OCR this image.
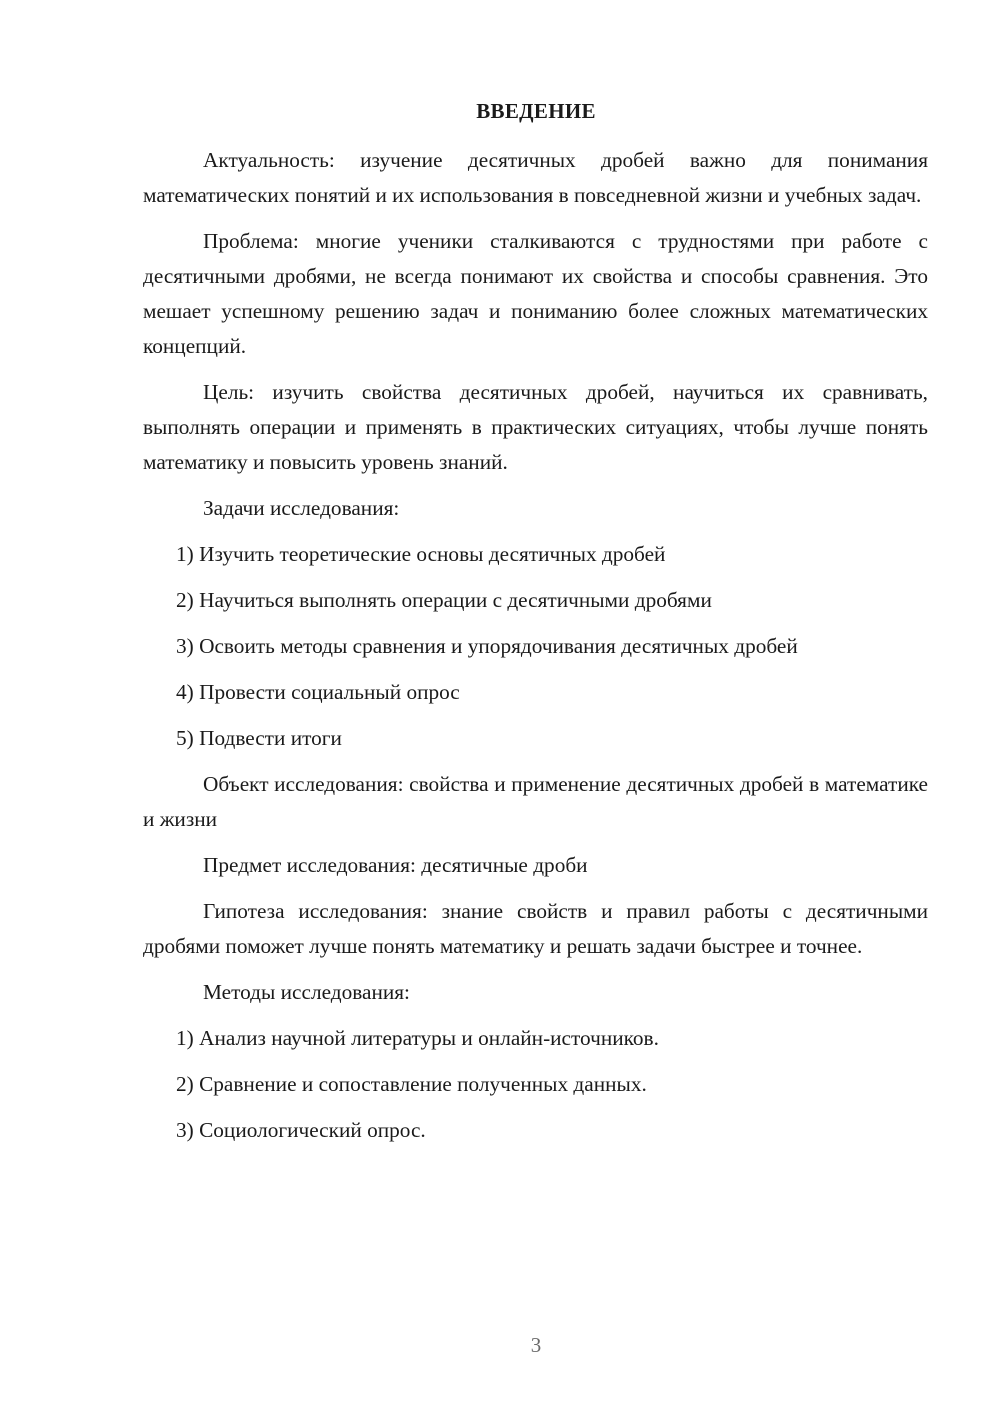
ВВЕДЕНИЕ

Актуальность: изучение десятичных дробей важно для понимания математических понятий и их использования в повседневной жизни и учебных задач.

Проблема: многие ученики сталкиваются с трудностями при работе с десятичными дробями, не всегда понимают их свойства и способы сравнения. Это мешает успешному решению задач и пониманию более сложных математических концепций.

Цель: изучить свойства десятичных дробей, научиться их сравнивать, выполнять операции и применять в практических ситуациях, чтобы лучше понять математику и повысить уровень знаний.

Задачи исследования:

1) Изучить теоретические основы десятичных дробей

2) Научиться выполнять операции с десятичными дробями

3) Освоить методы сравнения и упорядочивания десятичных дробей

4) Провести социальный опрос

5) Подвести итоги

Объект исследования: свойства и применение десятичных дробей в математике и жизни

Предмет исследования: десятичные дроби

Гипотеза исследования: знание свойств и правил работы с десятичными дробями поможет лучше понять математику и решать задачи быстрее и точнее.

Методы исследования:

1) Анализ научной литературы и онлайн-источников.

2) Сравнение и сопоставление полученных данных.

3) Социологический опрос.

3
